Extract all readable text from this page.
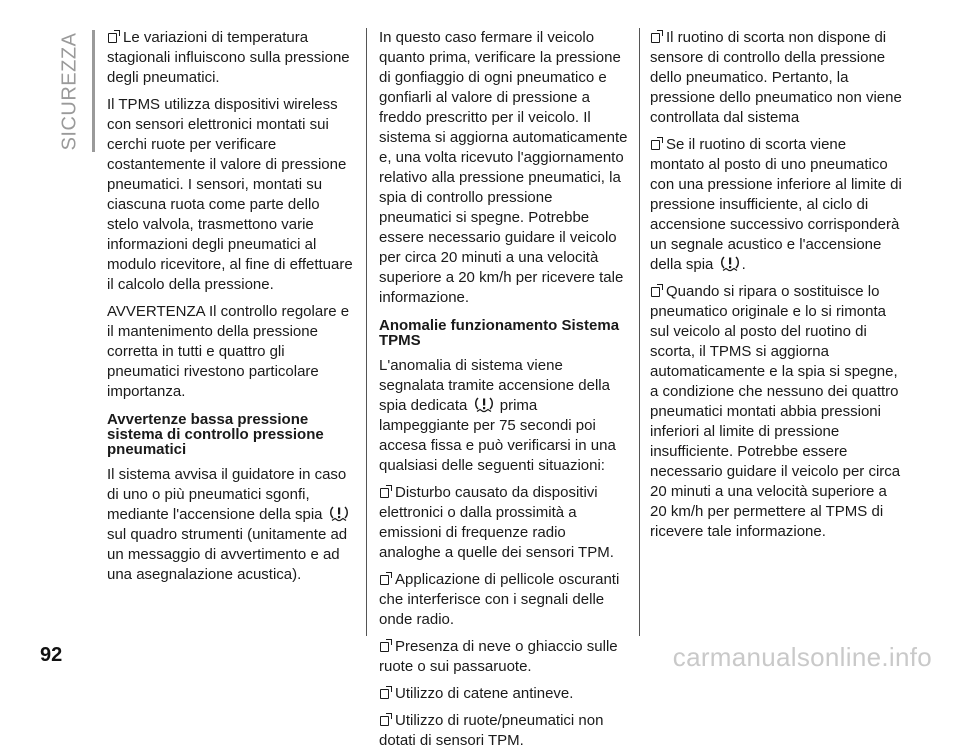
SICUREZZA	Le variazioni di temperatura stagionali influiscono sulla pressione degli pneumatici.

Il TPMS utilizza dispositivi wireless con sensori elettronici montati sui cerchi ruote per verificare costantemente il valore di pressione pneumatici. I sensori, montati su ciascuna ruota come parte dello stelo valvola, trasmettono varie informazioni degli pneumatici al modulo ricevitore, al fine di effettuare il calcolo della pressione.

AVVERTENZA Il controllo regolare e il mantenimento della pressione corretta in tutti e quattro gli pneumatici rivestono particolare importanza.

Avvertenze bassa pressione sistema di controllo pressione pneumatici

Il sistema avvisa il guidatore in caso di uno o più pneumatici sgonfi, mediante l'accensione della spia  sul quadro strumenti (unitamente ad un messaggio di avvertimento e ad una asegnalazione acustica).

In questo caso fermare il veicolo quanto prima, verificare la pressione di gonfiaggio di ogni pneumatico e gonfiarli al valore di pressione a freddo prescritto per il veicolo. Il sistema si aggiorna automaticamente e, una volta ricevuto l'aggiornamento relativo alla pressione pneumatici, la spia di controllo pressione pneumatici si spegne. Potrebbe essere necessario guidare il veicolo per circa 20 minuti a una velocità superiore a 20 km/h per ricevere tale informazione.

Anomalie funzionamento Sistema TPMS

L'anomalia di sistema viene segnalata tramite accensione della spia dedicata prima lampeggiante per 75 secondi poi accesa fissa e può verificarsi in una qualsiasi delle seguenti situazioni:

Disturbo causato da dispositivi elettronici o dalla prossimità a emissioni di frequenze radio analoghe a quelle dei sensori TPM.

Applicazione di pellicole oscuranti che interferisce con i segnali delle onde radio.

Presenza di neve o ghiaccio sulle ruote o sui passaruote.

Utilizzo di catene antineve.

Utilizzo di ruote/pneumatici non dotati di sensori TPM.

Il ruotino di scorta non dispone di sensore di controllo della pressione dello pneumatico. Pertanto, la pressione dello pneumatico non viene controllata dal sistema

Se il ruotino di scorta viene montato al posto di uno pneumatico con una pressione inferiore al limite di pressione insufficiente, al ciclo di accensione successivo corrisponderà un segnale acustico e l'accensione della spia .

Quando si ripara o sostituisce lo pneumatico originale e lo si rimonta sul veicolo al posto del ruotino di scorta, il TPMS si aggiorna automaticamente e la spia si spegne, a condizione che nessuno dei quattro pneumatici montati abbia pressioni inferiori al limite di pressione insufficiente. Potrebbe essere necessario guidare il veicolo per circa 20 minuti a una velocità superiore a 20 km/h per permettere al TPMS di ricevere tale informazione.

92	carmanualsonline.info
